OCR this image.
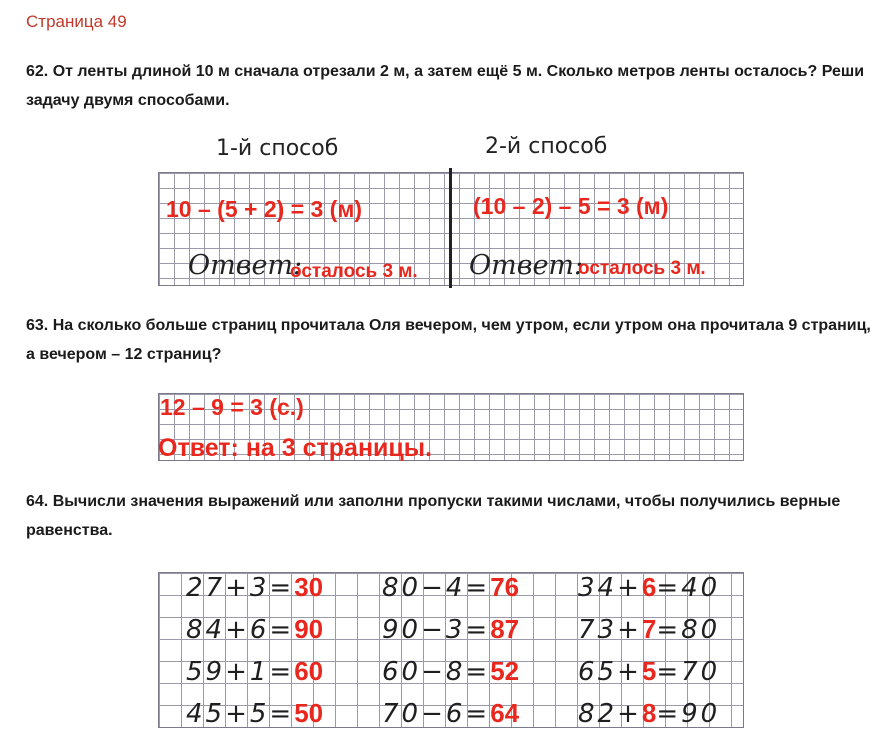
Страница 49
62. От ленты длиной 10 м сначала отрезали 2 м, а затем ещё 5 м. Сколько метров ленты осталось? Реши задачу двумя способами.
1-й способ	2-й способ
10 – (5 + 2) = 3 (м)	(10 – 2) – 5 = 3 (м)
Ответ:
осталось 3 м. Ответ:
осталось 3 м.
63. На сколько больше страниц прочитала Оля вечером, чем утром, если утром она прочитала 9 страниц, а вечером – 12 страниц?
12 – 9 = 3 (с.)
Ответ: на 3 страницы.
64. Вычисли значения выражений или заполни пропуски такими числами, чтобы получились верные равенства.
27+3=30 80−4=76 34+6=40
84+6=90 90−3=87 73+7=80
59+1=60 60−8=52 65+5=70
45+5=50 70−6=64 82+8=90
